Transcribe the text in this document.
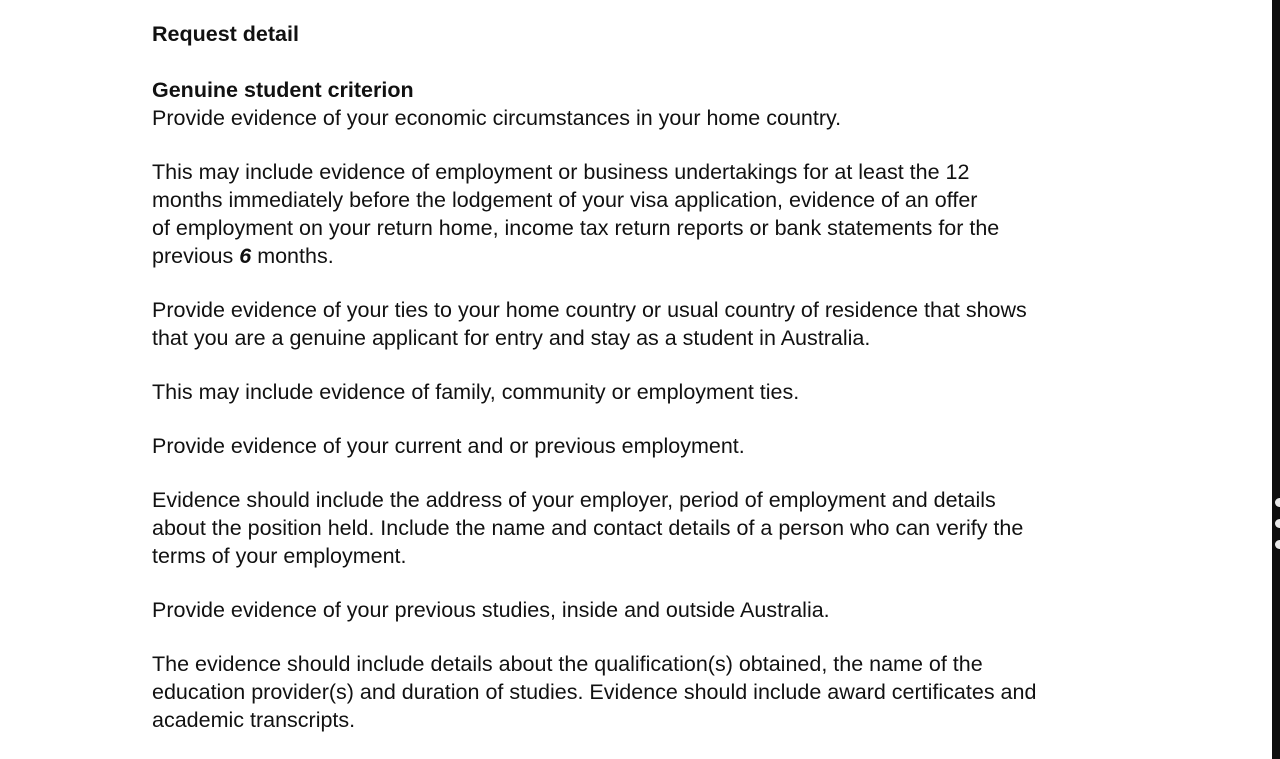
Request detail
Genuine student criterion

Provide evidence of your economic circumstances in your home country.

This may include evidence of employment or business undertakings for at least the 12
months immediately before the lodgement of your visa application, evidence of an offer
of employment on your return home, income tax return reports or bank statements for the
previous 6 months.

Provide evidence of your ties to your home country or usual country of residence that shows
that you are a genuine applicant for entry and stay as a student in Australia.

This may include evidence of family, community or employment ties.

Provide evidence of your current and or previous employment.

Evidence should include the address of your employer, period of employment and details
about the position held. Include the name and contact details of a person who can verify the
terms of your employment.

Provide evidence of your previous studies, inside and outside Australia.

The evidence should include details about the qualification(s) obtained, the name of the
education provider(s) and duration of studies. Evidence should include award certificates and
academic transcripts.
